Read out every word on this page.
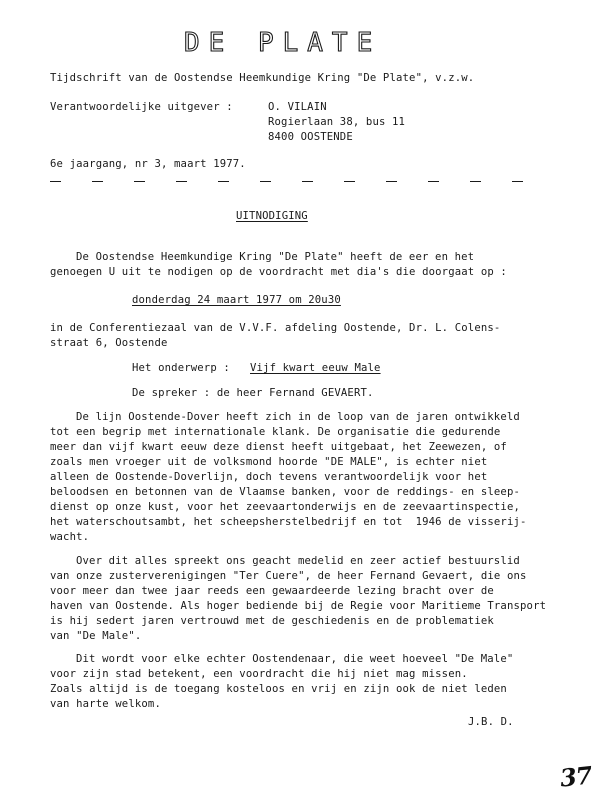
DE PLATE
Tijdschrift van de Oostendse Heemkundige Kring "De Plate", v.z.w.
Verantwoordelijke uitgever :	O. VILAIN
Rogierlaan 38, bus 11
8400 OOSTENDE
6e jaargang, nr 3, maart 1977.
UITNODIGING
De Oostendse Heemkundige Kring "De Plate" heeft de eer en het
genoegen U uit te nodigen op de voordracht met dia's die doorgaat op :
donderdag 24 maart 1977 om 20u30
in de Conferentiezaal van de V.V.F. afdeling Oostende, Dr. L. Colens-
straat 6, Oostende
Het onderwerp : Vijf kwart eeuw Male
De spreker : de heer Fernand GEVAERT.
De lijn Oostende-Dover heeft zich in de loop van de jaren ontwikkeld
tot een begrip met internationale klank. De organisatie die gedurende
meer dan vijf kwart eeuw deze dienst heeft uitgebaat, het Zeewezen, of
zoals men vroeger uit de volksmond hoorde "DE MALE", is echter niet
alleen de Oostende-Doverlijn, doch tevens verantwoordelijk voor het
beloodsen en betonnen van de Vlaamse banken, voor de reddings- en sleep-
dienst op onze kust, voor het zeevaartonderwijs en de zeevaartinspectie,
het waterschoutsambt, het scheepsherstelbedrijf en tot  1946 de visserij-
wacht.
Over dit alles spreekt ons geacht medelid en zeer actief bestuurslid
van onze zusterverenigingen "Ter Cuere", de heer Fernand Gevaert, die ons
voor meer dan twee jaar reeds een gewaardeerde lezing bracht over de
haven van Oostende. Als hoger bediende bij de Regie voor Maritieme Transport
is hij sedert jaren vertrouwd met de geschiedenis en de problematiek
van "De Male".
Dit wordt voor elke echter Oostendenaar, die weet hoeveel "De Male"
voor zijn stad betekent, een voordracht die hij niet mag missen.
Zoals altijd is de toegang kosteloos en vrij en zijn ook de niet leden
van harte welkom.
J.B. D.
37
